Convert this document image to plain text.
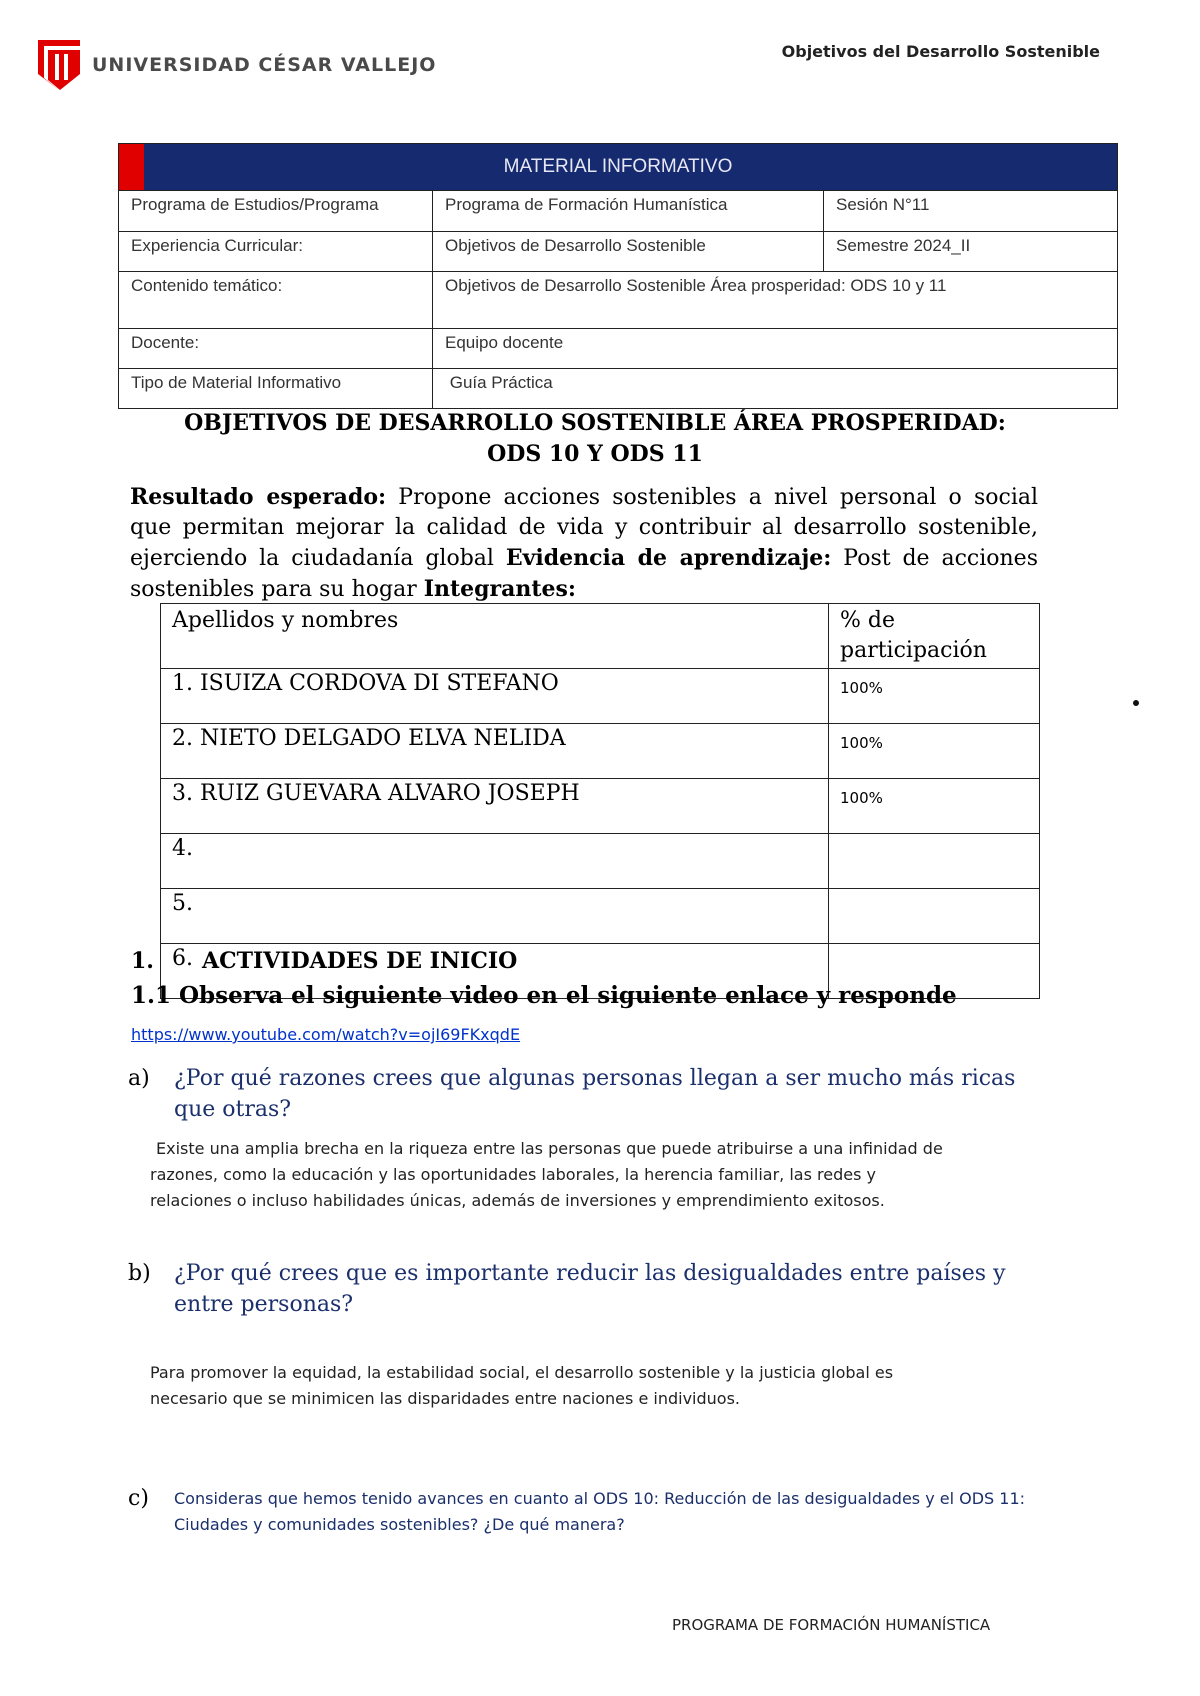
UNIVERSIDAD CÉSAR VALLEJO
Objetivos del Desarrollo Sostenible
MATERIAL INFORMATIVO		
Programa de Estudios/Programa	Programa de Formación Humanística	Sesión N°11
Experiencia Curricular:	Objetivos de Desarrollo Sostenible	Semestre 2024_II
Contenido temático:	Objetivos de Desarrollo Sostenible Área prosperidad: ODS 10 y 11	
Docente:	Equipo docente	
Tipo de Material Informativo	Guía Práctica	
OBJETIVOS DE DESARROLLO SOSTENIBLE ÁREA PROSPERIDAD:
ODS 10 Y ODS 11
Resultado esperado: Propone acciones sostenibles a nivel personal o social que permitan mejorar la calidad de vida y contribuir al desarrollo sostenible, ejerciendo la ciudadanía global Evidencia de aprendizaje: Post de acciones sostenibles para su hogar Integrantes:
Apellidos y nombres	% de participación
1. ISUIZA CORDOVA DI STEFANO	100%
2. NIETO DELGADO ELVA NELIDA	100%
3. RUIZ GUEVARA ALVARO JOSEPH	100%
4.	
5.	
6.	
1. ACTIVIDADES DE INICIO
1.1 Observa el siguiente video en el siguiente enlace y responde
https://www.youtube.com/watch?v=ojI69FKxqdE
a)	¿Por qué razones crees que algunas personas llegan a ser mucho más ricas que otras?
Existe una amplia brecha en la riqueza entre las personas que puede atribuirse a una infinidad de razones, como la educación y las oportunidades laborales, la herencia familiar, las redes y relaciones o incluso habilidades únicas, además de inversiones y emprendimiento exitosos.
b)	¿Por qué crees que es importante reducir las desigualdades entre países y entre personas?
Para promover la equidad, la estabilidad social, el desarrollo sostenible y la justicia global es necesario que se minimicen las disparidades entre naciones e individuos.
c)	Consideras que hemos tenido avances en cuanto al ODS 10: Reducción de las desigualdades y el ODS 11: Ciudades y comunidades sostenibles? ¿De qué manera?
PROGRAMA DE FORMACIÓN HUMANÍSTICA
